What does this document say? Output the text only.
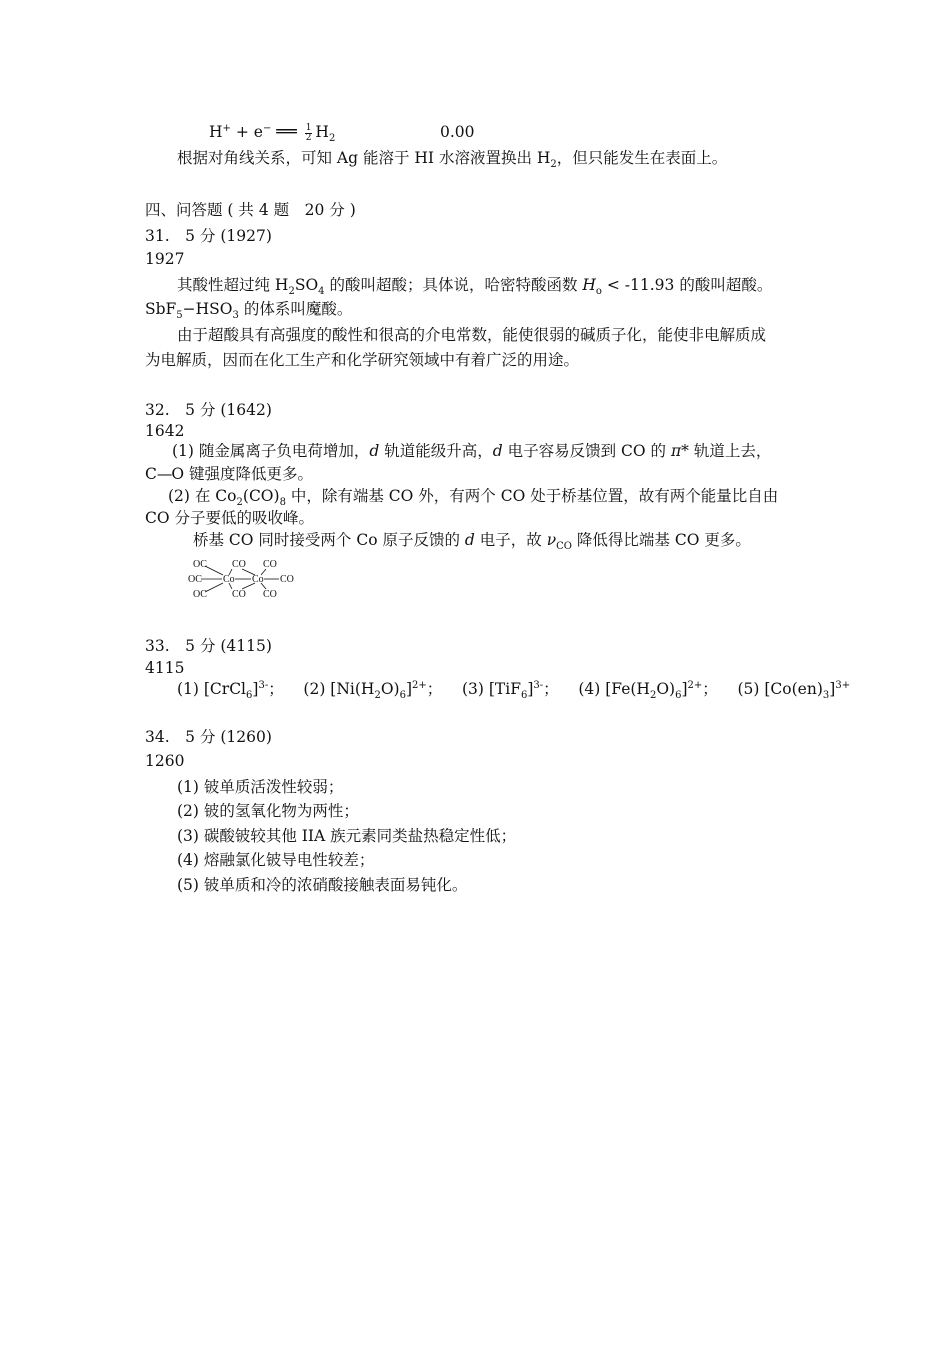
H+ + e− ══ $\frac{1}{2} H_2$	0.00
根据对角线关系，可知 Ag 能溶于 HI 水溶液置换出 $H_2$，但只能发生在表面上。
四、问答题 ( 共 4 题　20 分 )
31.　5 分 (1927)
1927
其酸性超过纯 $H_2SO_4$ 的酸叫超酸；具体说，哈密特酸函数 $H_o < -11.93$ 的酸叫超酸。
$SbF_5-HSO_3$ 的体系叫魔酸。
由于超酸具有高强度的酸性和很高的介电常数，能使很弱的碱质子化，能使非电解质成
为电解质，因而在化工生产和化学研究领域中有着广泛的用途。
32.　5 分 (1642)
1642
(1) 随金属离子负电荷增加，d 轨道能级升高，d 电子容易反馈到 CO 的 π* 轨道上去，
C—O 键强度降低更多。
(2) 在 $Co_2(CO)_8$ 中，除有端基 CO 外，有两个 CO 处于桥基位置，故有两个能量比自由
CO 分子要低的吸收峰。
桥基 CO 同时接受两个 Co 原子反馈的 d 电子，故 $\nu_{CO}$ 降低得比端基 CO 更多。
OC	CO CO
OC Co Co CO
OC	CO CO
33.　5 分 (4115)
4115
(1) [CrCl$_6$]$^{3-}$；    (2) $[Ni(H_2O)_6]^{2+}$；    (3) $[TiF_6]^{3-}$；    (4) $[Fe(H_2O)_6]^{2+}$；    (5) $[Co(en)_3]^{3+}$
34.　5 分 (1260)
1260
(1) 铍单质活泼性较弱；
(2) 铍的氢氧化物为两性；
(3) 碳酸铍较其他 IIA 族元素同类盐热稳定性低；
(4) 熔融氯化铍导电性较差；
(5) 铍单质和冷的浓硝酸接触表面易钝化。
